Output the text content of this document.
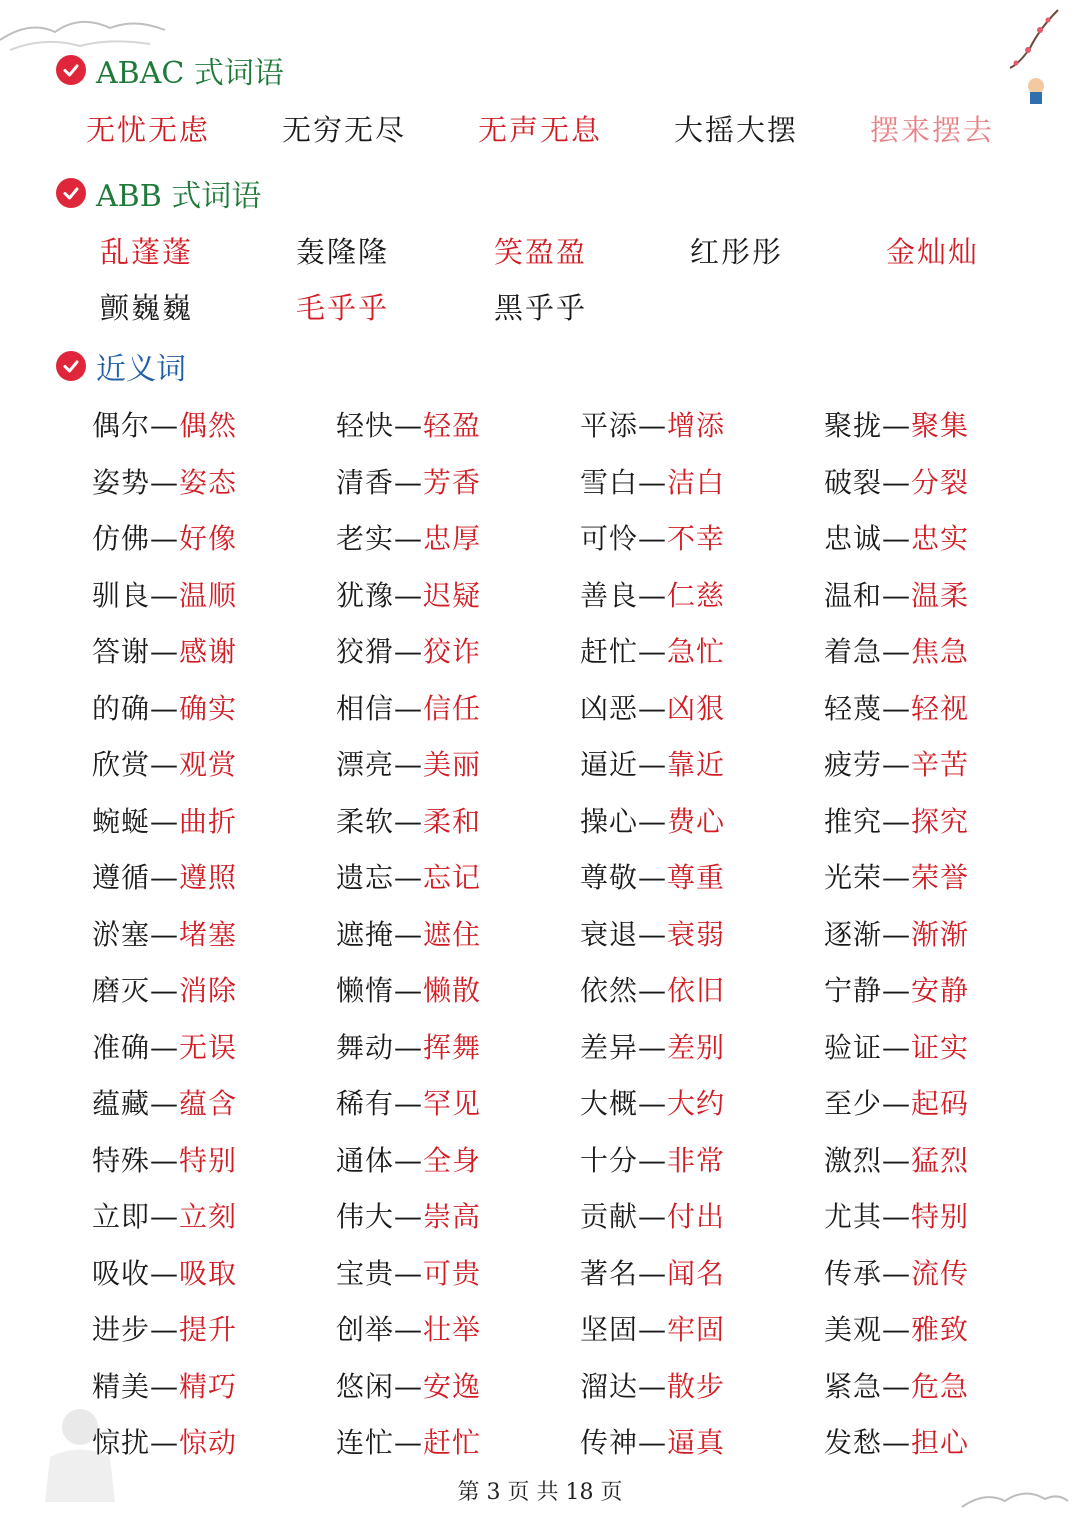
ABAC 式词语
无忧无虑 无穷无尽 无声无息 大摇大摆 摆来摆去
ABB 式词语
乱蓬蓬	轰隆隆	笑盈盈	红彤彤	金灿灿
颤巍巍	毛乎乎	黑乎乎
近义词
偶尔—偶然	轻快—轻盈	平添—增添	聚拢—聚集
姿势—姿态	清香—芳香	雪白—洁白	破裂—分裂
仿佛—好像	老实—忠厚	可怜—不幸	忠诚—忠实
驯良—温顺	犹豫—迟疑	善良—仁慈	温和—温柔
答谢—感谢	狡猾—狡诈	赶忙—急忙	着急—焦急
的确—确实	相信—信任	凶恶—凶狠	轻蔑—轻视
欣赏—观赏	漂亮—美丽	逼近—靠近	疲劳—辛苦
蜿蜒—曲折	柔软—柔和	操心—费心	推究—探究
遵循—遵照	遗忘—忘记	尊敬—尊重	光荣—荣誉
淤塞—堵塞	遮掩—遮住	衰退—衰弱	逐渐—渐渐
磨灭—消除	懒惰—懒散	依然—依旧	宁静—安静
准确—无误	舞动—挥舞	差异—差别	验证—证实
蕴藏—蕴含	稀有—罕见	大概—大约	至少—起码
特殊—特别	通体—全身	十分—非常	激烈—猛烈
立即—立刻	伟大—崇高	贡献—付出	尤其—特别
吸收—吸取	宝贵—可贵	著名—闻名	传承—流传
进步—提升	创举—壮举	坚固—牢固	美观—雅致
精美—精巧	悠闲—安逸	溜达—散步	紧急—危急
惊扰—惊动	连忙—赶忙	传神—逼真	发愁—担心
第 3 页 共 18 页
